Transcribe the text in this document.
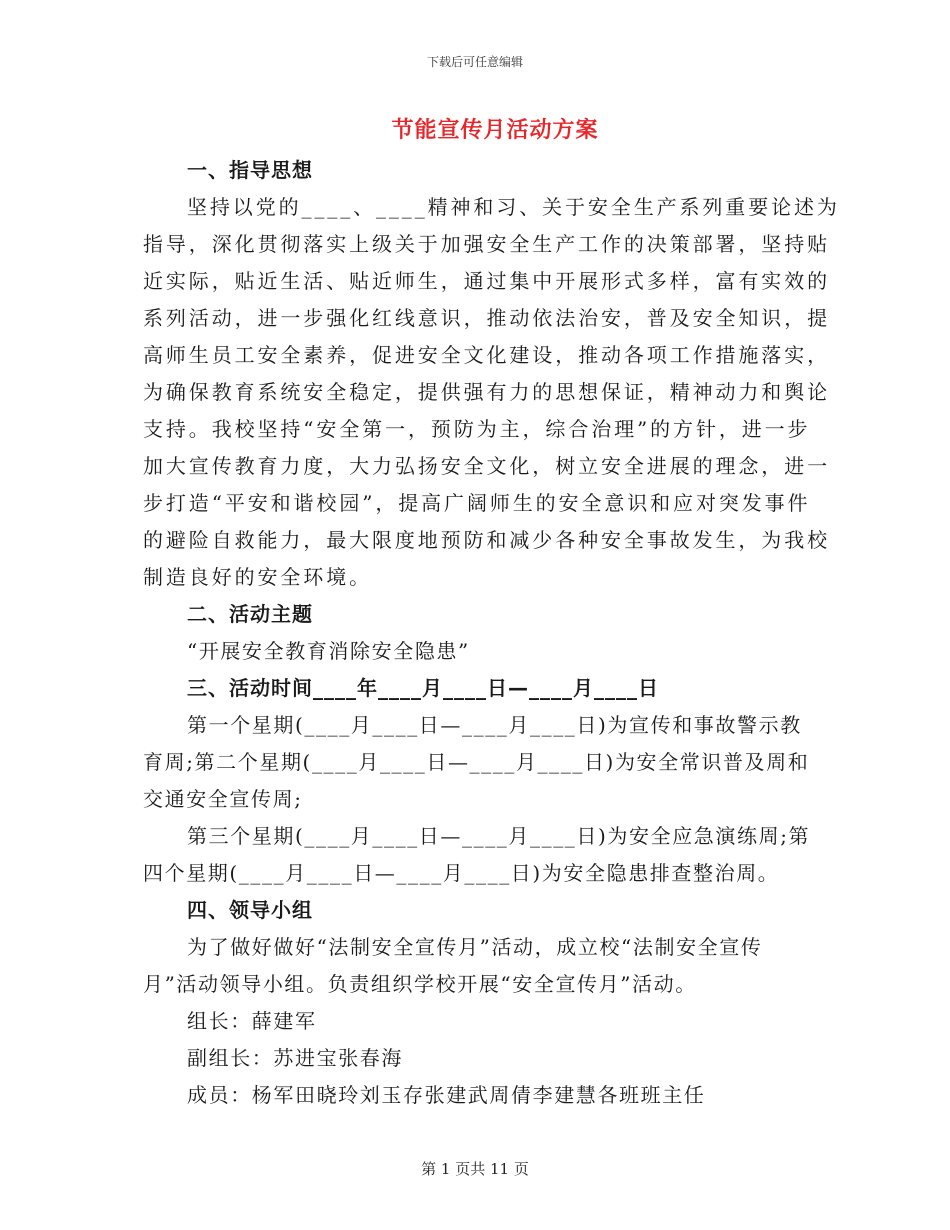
下载后可任意编辑
节能宣传月活动方案
一、指导思想
坚持以党的____、____精神和习、关于安全生产系列重要论述为
指导，深化贯彻落实上级关于加强安全生产工作的决策部署，坚持贴
近实际，贴近生活、贴近师生，通过集中开展形式多样，富有实效的
系列活动，进一步强化红线意识，推动依法治安，普及安全知识，提
高师生员工安全素养，促进安全文化建设，推动各项工作措施落实，
为确保教育系统安全稳定，提供强有力的思想保证，精神动力和舆论
支持。我校坚持“安全第一，预防为主，综合治理”的方针，进一步
加大宣传教育力度，大力弘扬安全文化，树立安全进展的理念，进一
步打造“平安和谐校园”，提高广阔师生的安全意识和应对突发事件
的避险自救能力，最大限度地预防和减少各种安全事故发生，为我校
制造良好的安全环境。
二、活动主题
“开展安全教育消除安全隐患”
三、活动时间____年____月____日—____月____日
第一个星期(____月____日—____月____日)为宣传和事故警示教
育周;第二个星期(____月____日—____月____日)为安全常识普及周和
交通安全宣传周;
第三个星期(____月____日—____月____日)为安全应急演练周;第
四个星期(____月____日—____月____日)为安全隐患排查整治周。
四、领导小组
为了做好做好“法制安全宣传月”活动，成立校“法制安全宣传
月”活动领导小组。负责组织学校开展“安全宣传月”活动。
组长：薛建军
副组长：苏进宝张春海
成员：杨军田晓玲刘玉存张建武周倩李建慧各班班主任
第 1 页共 11 页
